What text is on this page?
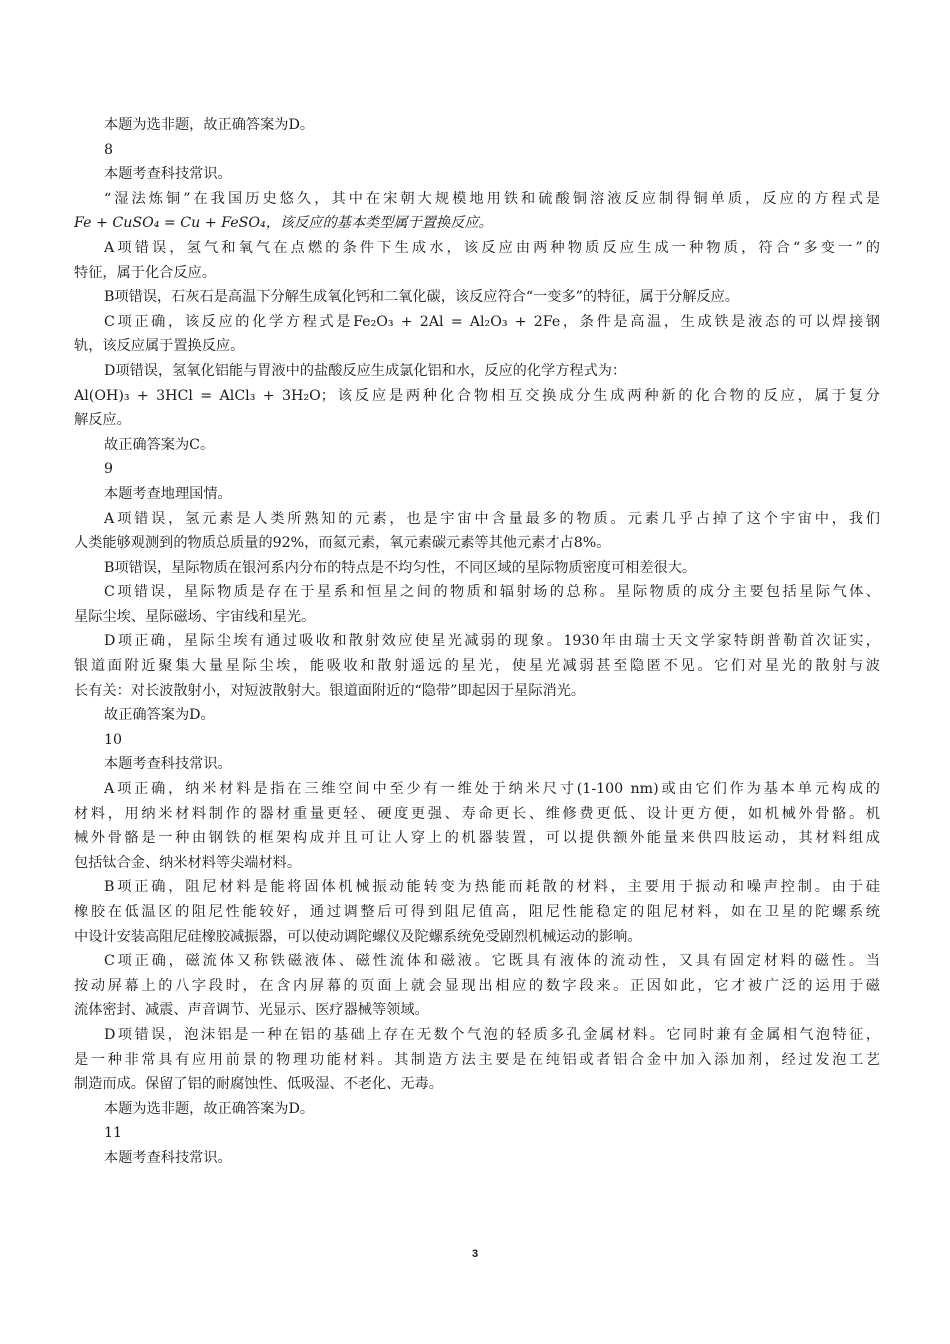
本题为选非题，故正确答案为D。
8
本题考查科技常识。
“湿法炼铜”在我国历史悠久，其中在宋朝大规模地用铁和硫酸铜溶液反应制得铜单质，反应的方程式是
Fe + CuSO₄ = Cu + FeSO₄，该反应的基本类型属于置换反应。
A项错误，氢气和氧气在点燃的条件下生成水，该反应由两种物质反应生成一种物质，符合“多变一”的
特征，属于化合反应。
B项错误，石灰石是高温下分解生成氧化钙和二氧化碳，该反应符合“一变多”的特征，属于分解反应。
C项正确，该反应的化学方程式是Fe₂O₃ + 2Al = Al₂O₃ + 2Fe，条件是高温，生成铁是液态的可以焊接钢
轨，该反应属于置换反应。
D项错误，氢氧化铝能与胃液中的盐酸反应生成氯化铝和水，反应的化学方程式为：
Al(OH)₃ + 3HCl = AlCl₃ + 3H₂O；该反应是两种化合物相互交换成分生成两种新的化合物的反应，属于复分
解反应。
故正确答案为C。
9
本题考查地理国情。
A项错误，氢元素是人类所熟知的元素，也是宇宙中含量最多的物质。元素几乎占掉了这个宇宙中，我们
人类能够观测到的物质总质量的92%，而氦元素，氧元素碳元素等其他元素才占8%。
B项错误，星际物质在银河系内分布的特点是不均匀性，不同区域的星际物质密度可相差很大。
C项错误，星际物质是存在于星系和恒星之间的物质和辐射场的总称。星际物质的成分主要包括星际气体、
星际尘埃、星际磁场、宇宙线和星光。
D项正确，星际尘埃有通过吸收和散射效应使星光减弱的现象。1930年由瑞士天文学家特朗普勒首次证实，
银道面附近聚集大量星际尘埃，能吸收和散射遥远的星光，使星光减弱甚至隐匿不见。它们对星光的散射与波
长有关：对长波散射小，对短波散射大。银道面附近的“隐带”即起因于星际消光。
故正确答案为D。
10
本题考查科技常识。
A项正确，纳米材料是指在三维空间中至少有一维处于纳米尺寸(1-100 nm)或由它们作为基本单元构成的
材料，用纳米材料制作的器材重量更轻、硬度更强、寿命更长、维修费更低、设计更方便，如机械外骨骼。机
械外骨骼是一种由钢铁的框架构成并且可让人穿上的机器装置，可以提供额外能量来供四肢运动，其材料组成
包括钛合金、纳米材料等尖端材料。
B项正确，阻尼材料是能将固体机械振动能转变为热能而耗散的材料，主要用于振动和噪声控制。由于硅
橡胶在低温区的阻尼性能较好，通过调整后可得到阻尼值高，阻尼性能稳定的阻尼材料，如在卫星的陀螺系统
中设计安装高阻尼硅橡胶减振器，可以使动调陀螺仪及陀螺系统免受剧烈机械运动的影响。
C项正确，磁流体又称铁磁液体、磁性流体和磁液。它既具有液体的流动性，又具有固定材料的磁性。当
按动屏幕上的八字段时，在含内屏幕的页面上就会显现出相应的数字段来。正因如此，它才被广泛的运用于磁
流体密封、减震、声音调节、光显示、医疗器械等领域。
D项错误，泡沫铝是一种在铝的基础上存在无数个气泡的轻质多孔金属材料。它同时兼有金属相气泡特征，
是一种非常具有应用前景的物理功能材料。其制造方法主要是在纯铝或者铝合金中加入添加剂，经过发泡工艺
制造而成。保留了铝的耐腐蚀性、低吸湿、不老化、无毒。
本题为选非题，故正确答案为D。
11
本题考查科技常识。
3
